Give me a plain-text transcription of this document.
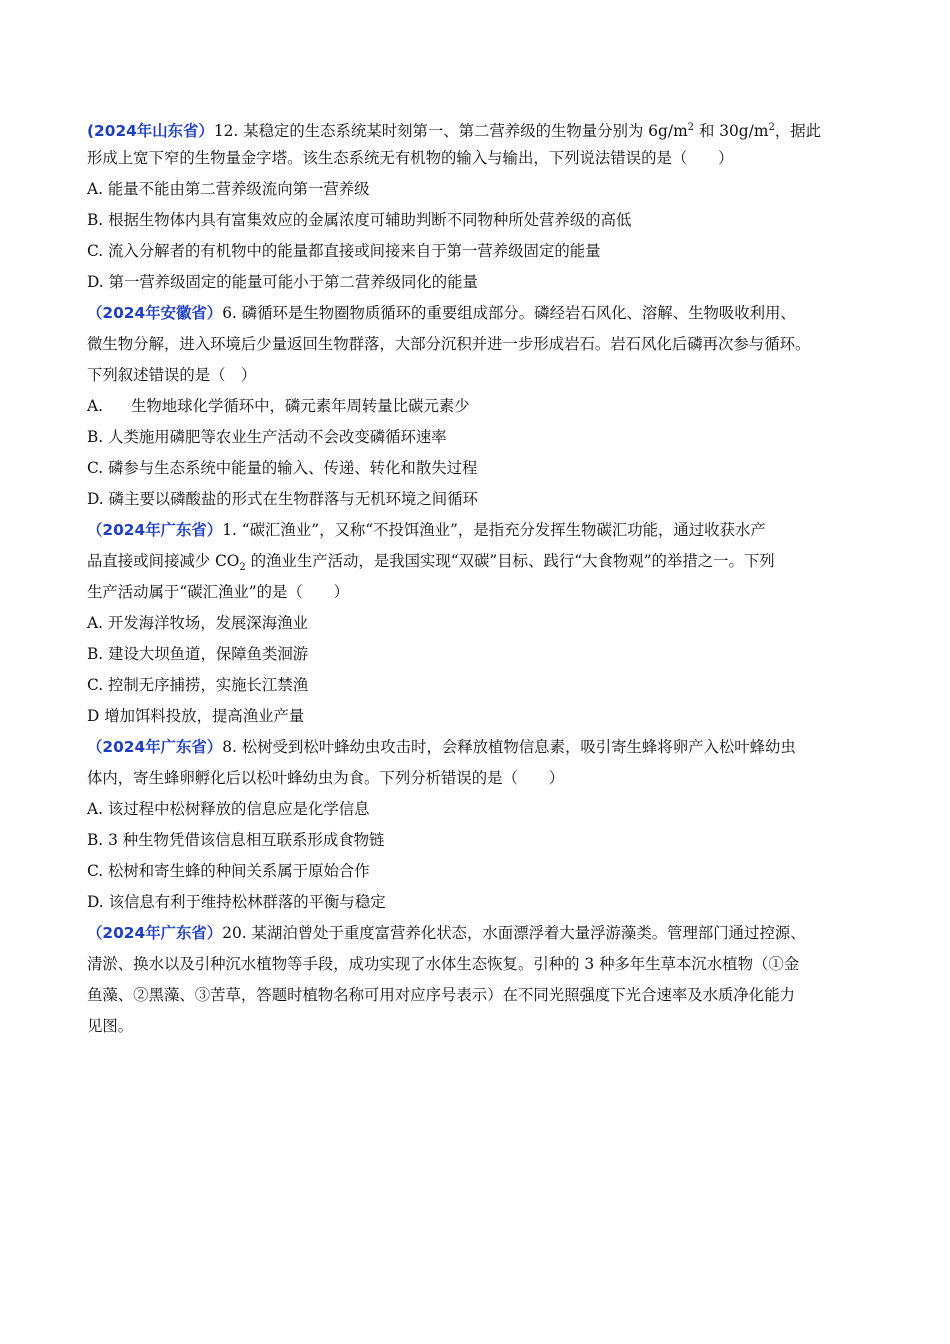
(2024年山东省）12. 某稳定的生态系统某时刻第一、第二营养级的生物量分别为 $6g/m^2$ 和 $30g/m^2$，据此
形成上宽下窄的生物量金字塔。该生态系统无有机物的输入与输出，下列说法错误的是（　　）
A. 能量不能由第二营养级流向第一营养级
B. 根据生物体内具有富集效应的金属浓度可辅助判断不同物种所处营养级的高低
C. 流入分解者的有机物中的能量都直接或间接来自于第一营养级固定的能量
D. 第一营养级固定的能量可能小于第二营养级同化的能量
（2024年安徽省）6. 磷循环是生物圈物质循环的重要组成部分。磷经岩石风化、溶解、生物吸收利用、
微生物分解，进入环境后少量返回生物群落，大部分沉积并进一步形成岩石。岩石风化后磷再次参与循环。
下列叙述错误的是（　）
A. 生物地球化学循环中，磷元素年周转量比碳元素少
B. 人类施用磷肥等农业生产活动不会改变磷循环速率
C. 磷参与生态系统中能量的输入、传递、转化和散失过程
D. 磷主要以磷酸盐的形式在生物群落与无机环境之间循环
（2024年广东省）1. “碳汇渔业”，又称“不投饵渔业”，是指充分发挥生物碳汇功能，通过收获水产
品直接或间接减少 $CO_2$ 的渔业生产活动，是我国实现“双碳”目标、践行“大食物观”的举措之一。下列
生产活动属于“碳汇渔业”的是（　　）
A. 开发海洋牧场，发展深海渔业
B. 建设大坝鱼道，保障鱼类洄游
C. 控制无序捕捞，实施长江禁渔
D 增加饵料投放，提高渔业产量
（2024年广东省）8. 松树受到松叶蜂幼虫攻击时，会释放植物信息素，吸引寄生蜂将卵产入松叶蜂幼虫
体内，寄生蜂卵孵化后以松叶蜂幼虫为食。下列分析错误的是（　　）
A. 该过程中松树释放的信息应是化学信息
B. 3 种生物凭借该信息相互联系形成食物链
C. 松树和寄生蜂的种间关系属于原始合作
D. 该信息有利于维持松林群落的平衡与稳定
（2024年广东省）20. 某湖泊曾处于重度富营养化状态，水面漂浮着大量浮游藻类。管理部门通过控源、
清淤、换水以及引种沉水植物等手段，成功实现了水体生态恢复。引种的 3 种多年生草本沉水植物（①金
鱼藻、②黑藻、③苦草，答题时植物名称可用对应序号表示）在不同光照强度下光合速率及水质净化能力
见图。
